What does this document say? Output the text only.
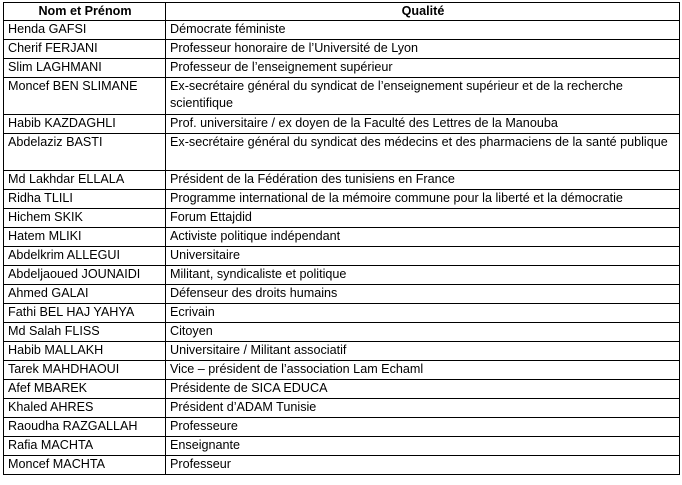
Nom et Prénom	Qualité
Henda GAFSI	Démocrate féministe
Cherif FERJANI	Professeur honoraire de l’Université de Lyon
Slim LAGHMANI	Professeur de l’enseignement supérieur
Moncef BEN SLIMANE	Ex-secrétaire général du syndicat de l’enseignement supérieur et de la recherche scientifique
Habib KAZDAGHLI	Prof. universitaire / ex doyen de la Faculté des Lettres de la Manouba
Abdelaziz BASTI	Ex-secrétaire général du syndicat des médecins et des pharmaciens de la santé publique
Md Lakhdar ELLALA	Président de la Fédération des tunisiens en France
Ridha TLILI	Programme international de la mémoire commune pour la liberté et la démocratie
Hichem SKIK	Forum Ettajdid
Hatem MLIKI	Activiste politique indépendant
Abdelkrim ALLEGUI	Universitaire
Abdeljaoued JOUNAIDI	Militant, syndicaliste et politique
Ahmed GALAI	Défenseur des droits humains
Fathi BEL HAJ YAHYA	Ecrivain
Md Salah FLISS	Citoyen
Habib MALLAKH	Universitaire / Militant associatif
Tarek MAHDHAOUI	Vice – président de l’association Lam Echaml
Afef MBAREK	Présidente de SICA EDUCA
Khaled AHRES	Président d’ADAM Tunisie
Raoudha RAZGALLAH	Professeure
Rafia MACHTA	Enseignante
Moncef MACHTA	Professeur
